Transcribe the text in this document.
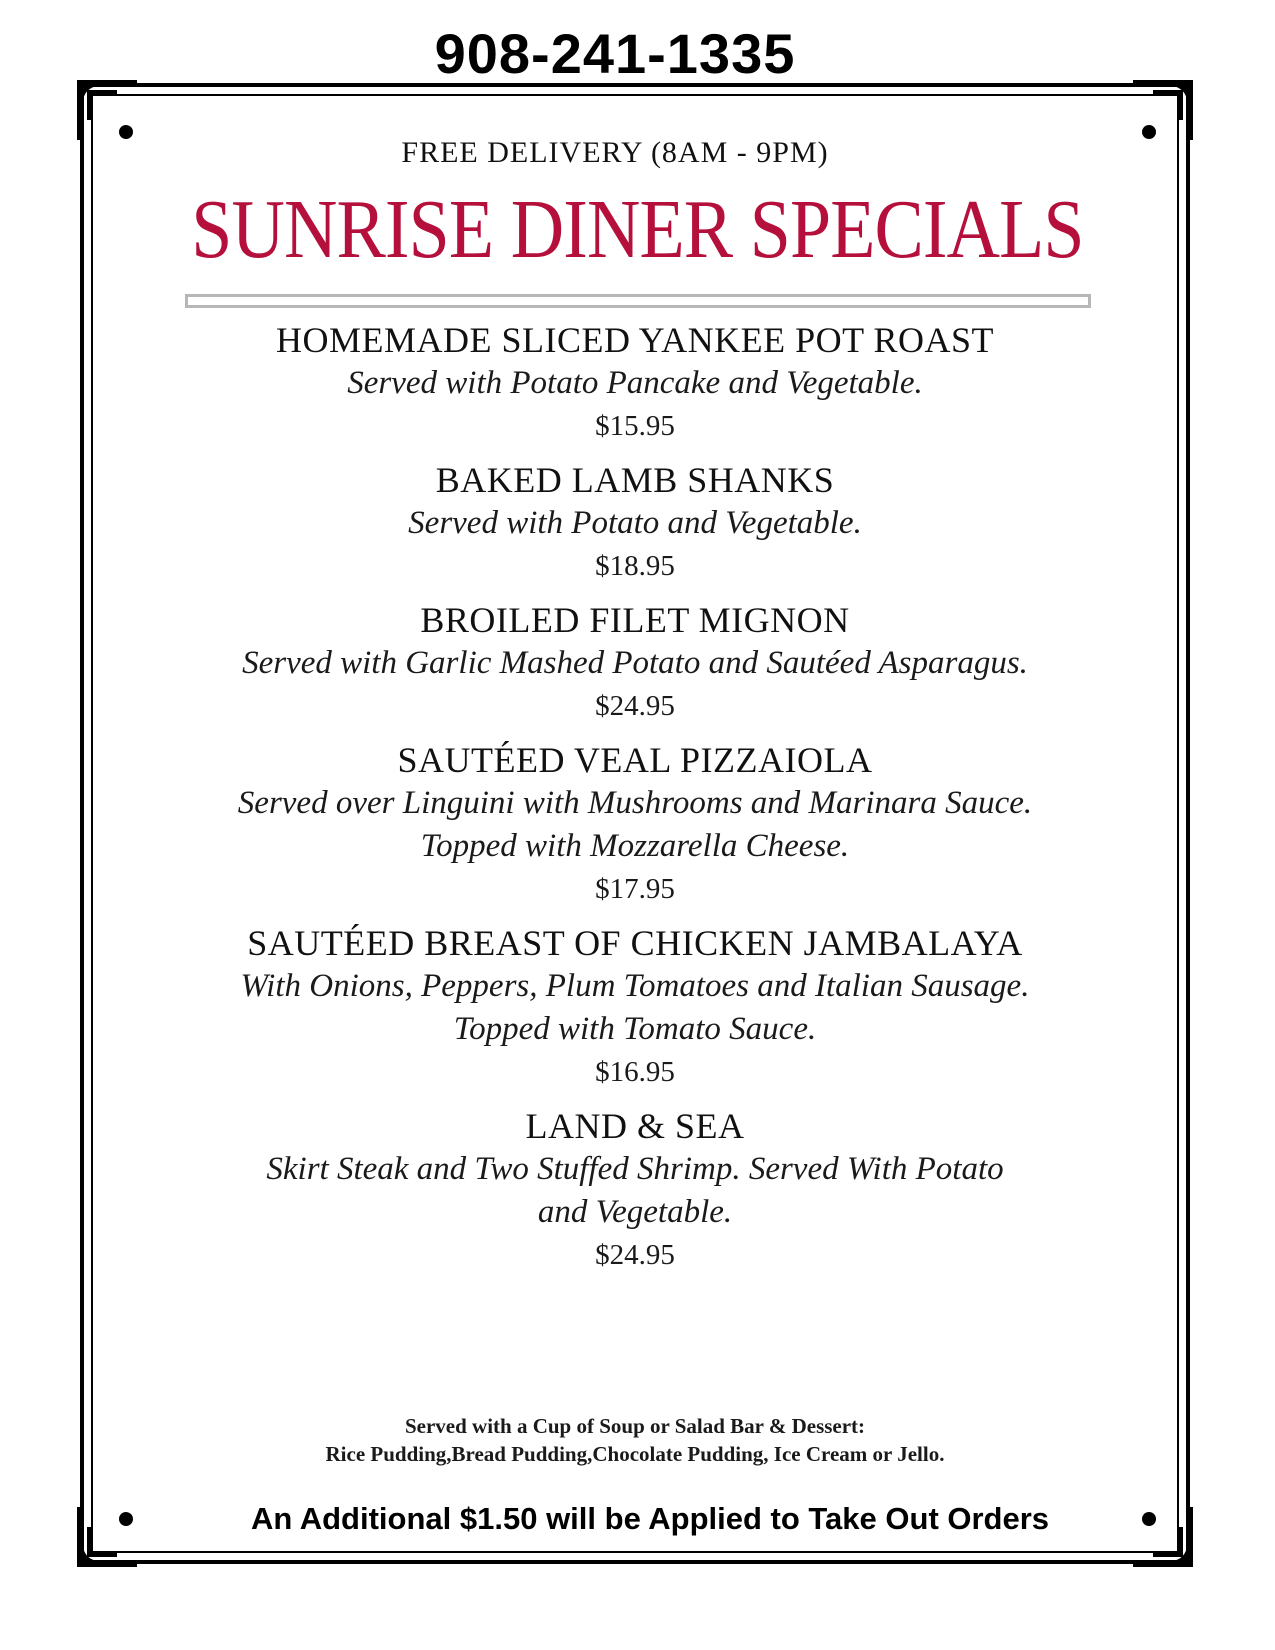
908-241-1335
FREE DELIVERY (8AM - 9PM)
SUNRISE DINER SPECIALS
HOMEMADE SLICED YANKEE POT ROAST
Served with Potato Pancake and Vegetable.
$15.95
BAKED LAMB SHANKS
Served with Potato and Vegetable.
$18.95
BROILED FILET MIGNON
Served with Garlic Mashed Potato and Sautéed Asparagus.
$24.95
SAUTÉED VEAL PIZZAIOLA
Served over Linguini with Mushrooms and Marinara Sauce.
Topped with Mozzarella Cheese.
$17.95
SAUTÉED BREAST OF CHICKEN JAMBALAYA
With Onions, Peppers, Plum Tomatoes and Italian Sausage.
Topped with Tomato Sauce.
$16.95
LAND & SEA
Skirt Steak and Two Stuffed Shrimp. Served With Potato
and Vegetable.
$24.95
Served with a Cup of Soup or Salad Bar & Dessert:
Rice Pudding,Bread Pudding,Chocolate Pudding, Ice Cream or Jello.
An Additional $1.50 will be Applied to Take Out Orders
